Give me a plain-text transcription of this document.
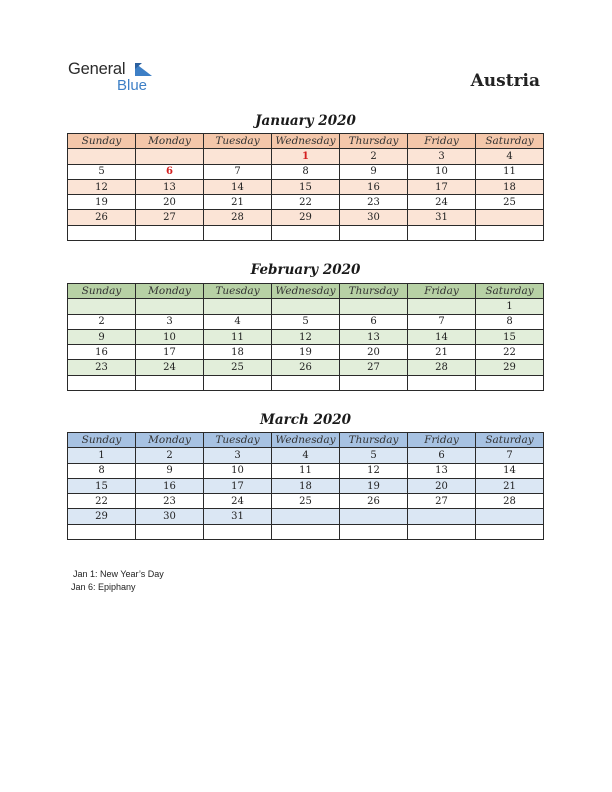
General
Blue	Austria
January 2020
Sunday	Monday	Tuesday	Wednesday	Thursday	Friday	Saturday
			1	2	3	4
5	6	7	8	9	10	11
12	13	14	15	16	17	18
19	20	21	22	23	24	25
26	27	28	29	30	31	

February 2020
Sunday	Monday	Tuesday	Wednesday	Thursday	Friday	Saturday
						1
2	3	4	5	6	7	8
9	10	11	12	13	14	15
16	17	18	19	20	21	22
23	24	25	26	27	28	29

March 2020
Sunday	Monday	Tuesday	Wednesday	Thursday	Friday	Saturday
1	2	3	4	5	6	7
8	9	10	11	12	13	14
15	16	17	18	19	20	21
22	23	24	25	26	27	28
29	30	31				

Jan 1: New Year’s Day
Jan 6: Epiphany
